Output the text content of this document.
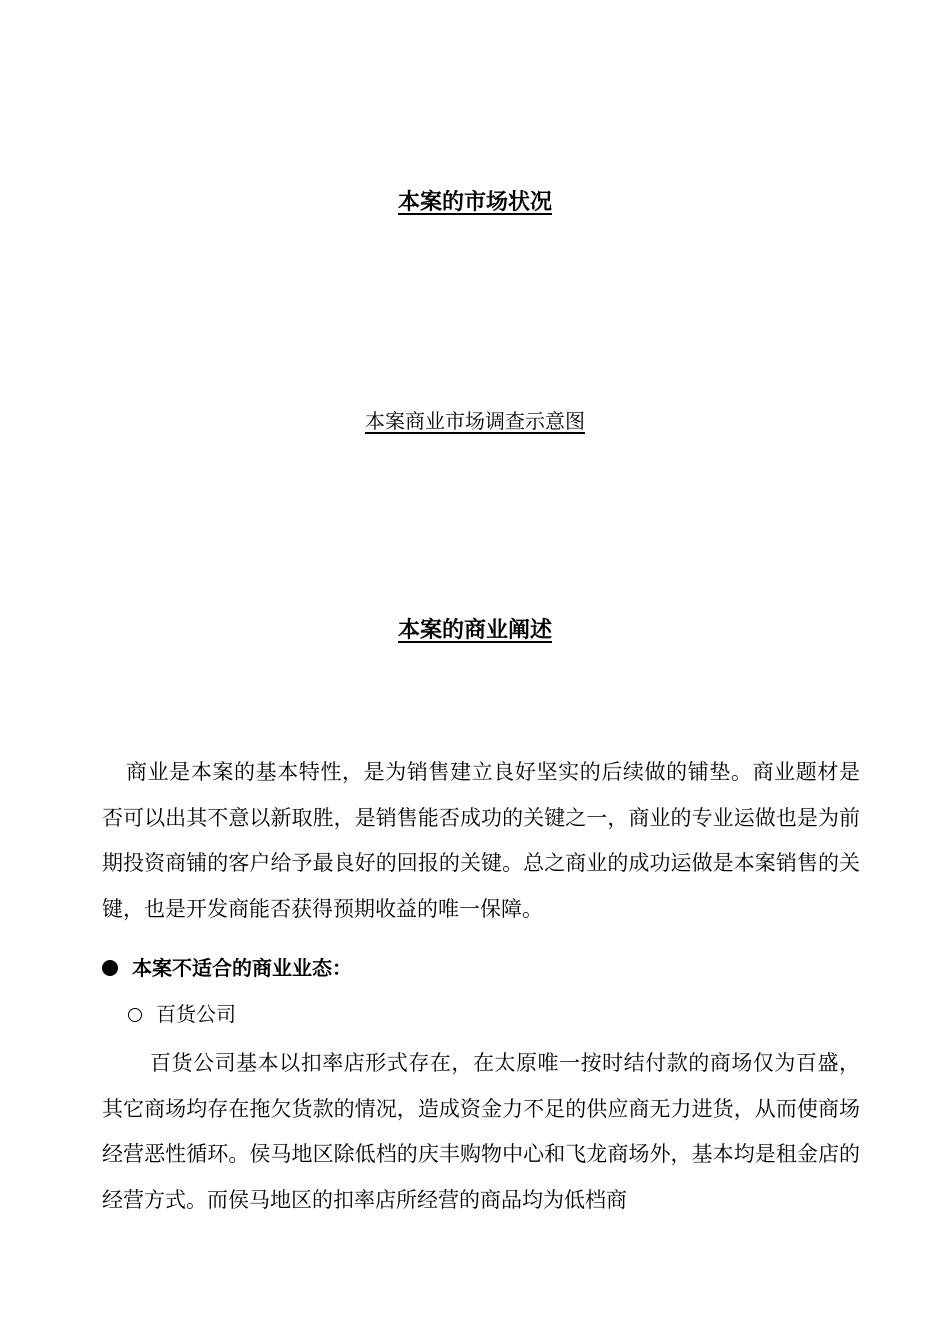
本案的市场状况
本案商业市场调查示意图
本案的商业阐述
商业是本案的基本特性，是为销售建立良好坚实的后续做的铺垫。商业题材是否可以出其不意以新取胜，是销售能否成功的关键之一，商业的专业运做也是为前期投资商铺的客户给予最良好的回报的关键。总之商业的成功运做是本案销售的关键，也是开发商能否获得预期收益的唯一保障。
本案不适合的商业业态：
百货公司
百货公司基本以扣率店形式存在，在太原唯一按时结付款的商场仅为百盛，其它商场均存在拖欠货款的情况，造成资金力不足的供应商无力进货，从而使商场经营恶性循环。侯马地区除低档的庆丰购物中心和飞龙商场外，基本均是租金店的经营方式。而侯马地区的扣率店所经营的商品均为低档商
